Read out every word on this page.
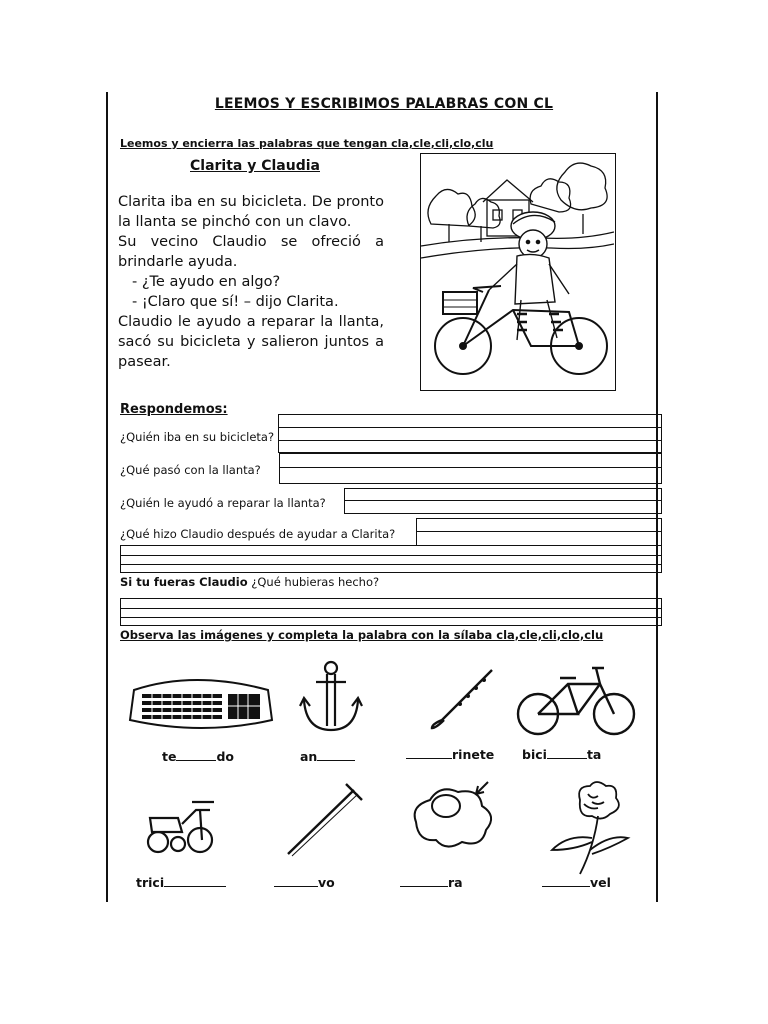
LEEMOS Y ESCRIBIMOS PALABRAS CON CL
Leemos y encierra las palabras que tengan cla,cle,cli,clo,clu
Clarita y Claudia

Clarita iba en su bicicleta. De pronto la llanta se pinchó con un clavo.

Su vecino Claudio se ofreció a brindarle ayuda.

- ¿Te ayudo en algo?

- ¡Claro que sí! – dijo Clarita.

Claudio le ayudo a reparar la llanta, sacó su bicicleta y salieron juntos a pasear.

Respondemos:
¿Quién iba en su bicicleta?
¿Qué pasó con la llanta?
¿Quién le ayudó a reparar la llanta?
¿Qué hizo Claudio después de ayudar a Clarita?
Si tu fueras Claudio ¿Qué hubieras hecho?
Observa las imágenes y completa la palabra con la sílaba cla,cle,cli,clo,clu
te	do	an	rinete bici	ta
trici	vo	ra	vel
